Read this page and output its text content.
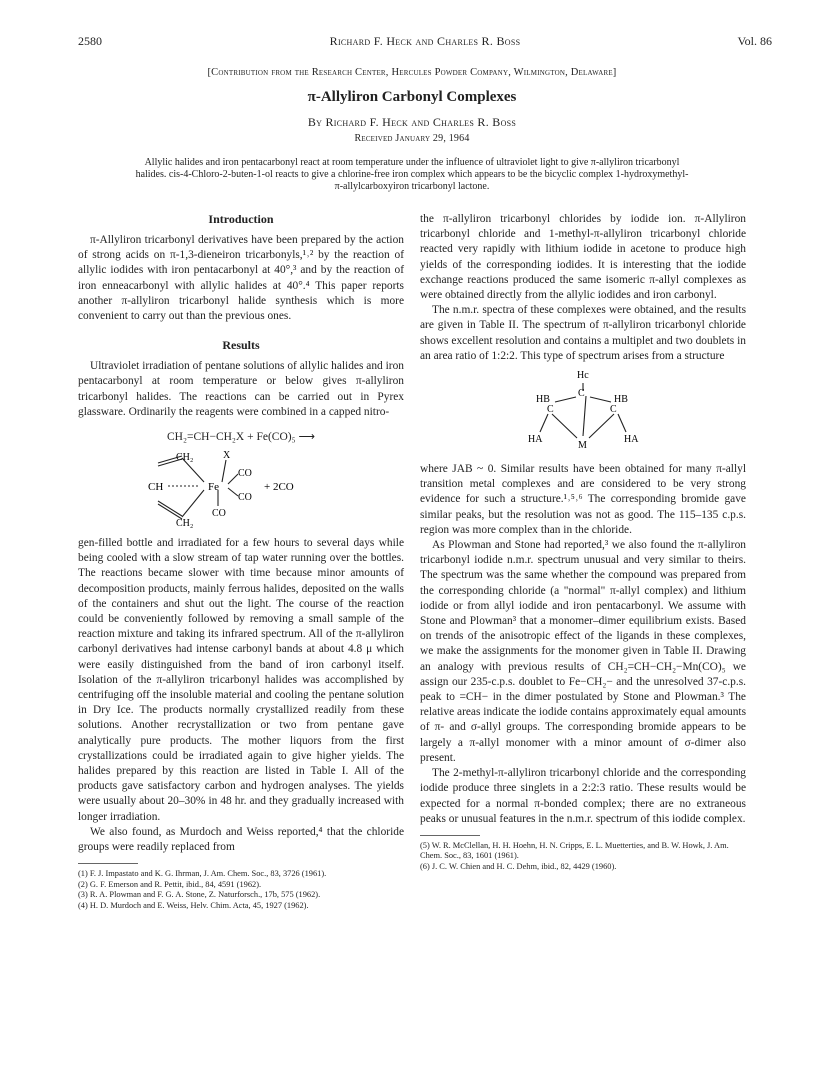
2580	Richard F. Heck and Charles R. Boss	Vol. 86
[Contribution from the Research Center, Hercules Powder Company, Wilmington, Delaware]
π-Allyliron Carbonyl Complexes
By Richard F. Heck and Charles R. Boss
Received January 29, 1964
Allylic halides and iron pentacarbonyl react at room temperature under the influence of ultraviolet light to give π-allyliron tricarbonyl halides. cis-4-Chloro-2-buten-1-ol reacts to give a chlorine-free iron complex which appears to be the bicyclic complex 1-hydroxymethyl-π-allylcarboxyiron tricarbonyl lactone.
Introduction

π-Allyliron tricarbonyl derivatives have been prepared by the action of strong acids on π-1,3-dieneiron tricarbonyls,¹˒² by the reaction of allylic iodides with iron pentacarbonyl at 40°,³ and by the reaction of iron enneacarbonyl with allylic halides at 40°.⁴ This paper reports another π-allyliron tricarbonyl halide synthesis which is more convenient to carry out than the previous ones.

Results

Ultraviolet irradiation of pentane solutions of allylic halides and iron pentacarbonyl at room temperature or below gives π-allyliron tricarbonyl halides. The reactions can be carried out in Pyrex glassware. Ordinarily the reagents were combined in a capped nitro-

CH₂=CH−CH₂X + Fe(CO)₅ ⟶
CH₂
CH	Fe
X
CO
CO
CO
CH₂
+ 2CO

gen-filled bottle and irradiated for a few hours to several days while being cooled with a slow stream of tap water running over the bottles. The reactions became slower with time because minor amounts of decomposition products, mainly ferrous halides, deposited on the walls of the containers and shut out the light. The course of the reaction could be conveniently followed by removing a small sample of the reaction mixture and taking its infrared spectrum. All of the π-allyliron carbonyl derivatives had intense carbonyl bands at about 4.8 μ which were easily distinguished from the band of iron carbonyl itself. Isolation of the π-allyliron tricarbonyl halides was accomplished by centrifuging off the insoluble material and cooling the pentane solution in Dry Ice. The products normally crystallized readily from these solutions. Another recrystallization or two from pentane gave analytically pure products. The mother liquors from the first crystallizations could be irradiated again to give higher yields. The halides prepared by this reaction are listed in Table I. All of the products gave satisfactory carbon and hydrogen analyses. The yields were usually about 20–30% in 48 hr. and they gradually increased with longer irradiation.

We also found, as Murdoch and Weiss reported,⁴ that the chloride groups were readily replaced from

(1) F. J. Impastato and K. G. Ihrman, J. Am. Chem. Soc., 83, 3726 (1961).

(2) G. F. Emerson and R. Pettit, ibid., 84, 4591 (1962).

(3) R. A. Plowman and F. G. A. Stone, Z. Naturforsch., 17b, 575 (1962).

(4) H. D. Murdoch and E. Weiss, Helv. Chim. Acta, 45, 1927 (1962).

the π-allyliron tricarbonyl chlorides by iodide ion. π-Allyliron tricarbonyl chloride and 1-methyl-π-allyliron tricarbonyl chloride reacted very rapidly with lithium iodide in acetone to produce high yields of the corresponding iodides. It is interesting that the iodide exchange reactions produced the same isomeric π-allyl complexes as were obtained directly from the allylic iodides and iron carbonyl.

The n.m.r. spectra of these complexes were obtained, and the results are given in Table II. The spectrum of π-allyliron tricarbonyl chloride shows excellent resolution and contains a multiplet and two doublets in an area ratio of 1:2:2. This type of spectrum arises from a structure

Hc
C
HB	HB
C	C
HA	HA
M

where JAB ~ 0. Similar results have been obtained for many π-allyl transition metal complexes and are considered to be very strong evidence for such a structure.¹˒⁵˒⁶ The corresponding bromide gave similar peaks, but the resolution was not as good. The 115–135 c.p.s. region was more complex than in the chloride.

As Plowman and Stone had reported,³ we also found the π-allyliron tricarbonyl iodide n.m.r. spectrum unusual and very similar to theirs. The spectrum was the same whether the compound was prepared from the corresponding chloride (a "normal" π-allyl complex) and lithium iodide or from allyl iodide and iron pentacarbonyl. We assume with Stone and Plowman³ that a monomer–dimer equilibrium exists. Based on trends of the anisotropic effect of the ligands in these complexes, we make the assignments for the monomer given in Table II. Drawing an analogy with previous results of CH₂=CH−CH₂−Mn(CO)₅ we assign our 235-c.p.s. doublet to Fe−CH₂− and the unresolved 37-c.p.s. peak to =CH− in the dimer postulated by Stone and Plowman.³ The relative areas indicate the iodide contains approximately equal amounts of π- and σ-allyl groups. The corresponding bromide appears to be largely a π-allyl monomer with a minor amount of σ-dimer also present.

The 2-methyl-π-allyliron tricarbonyl chloride and the corresponding iodide produce three singlets in a 2:2:3 ratio. These results would be expected for a normal π-bonded complex; there are no extraneous peaks or unusual features in the n.m.r. spectrum of this iodide complex.

(5) W. R. McClellan, H. H. Hoehn, H. N. Cripps, E. L. Muetterties, and B. W. Howk, J. Am. Chem. Soc., 83, 1601 (1961).

(6) J. C. W. Chien and H. C. Dehm, ibid., 82, 4429 (1960).
